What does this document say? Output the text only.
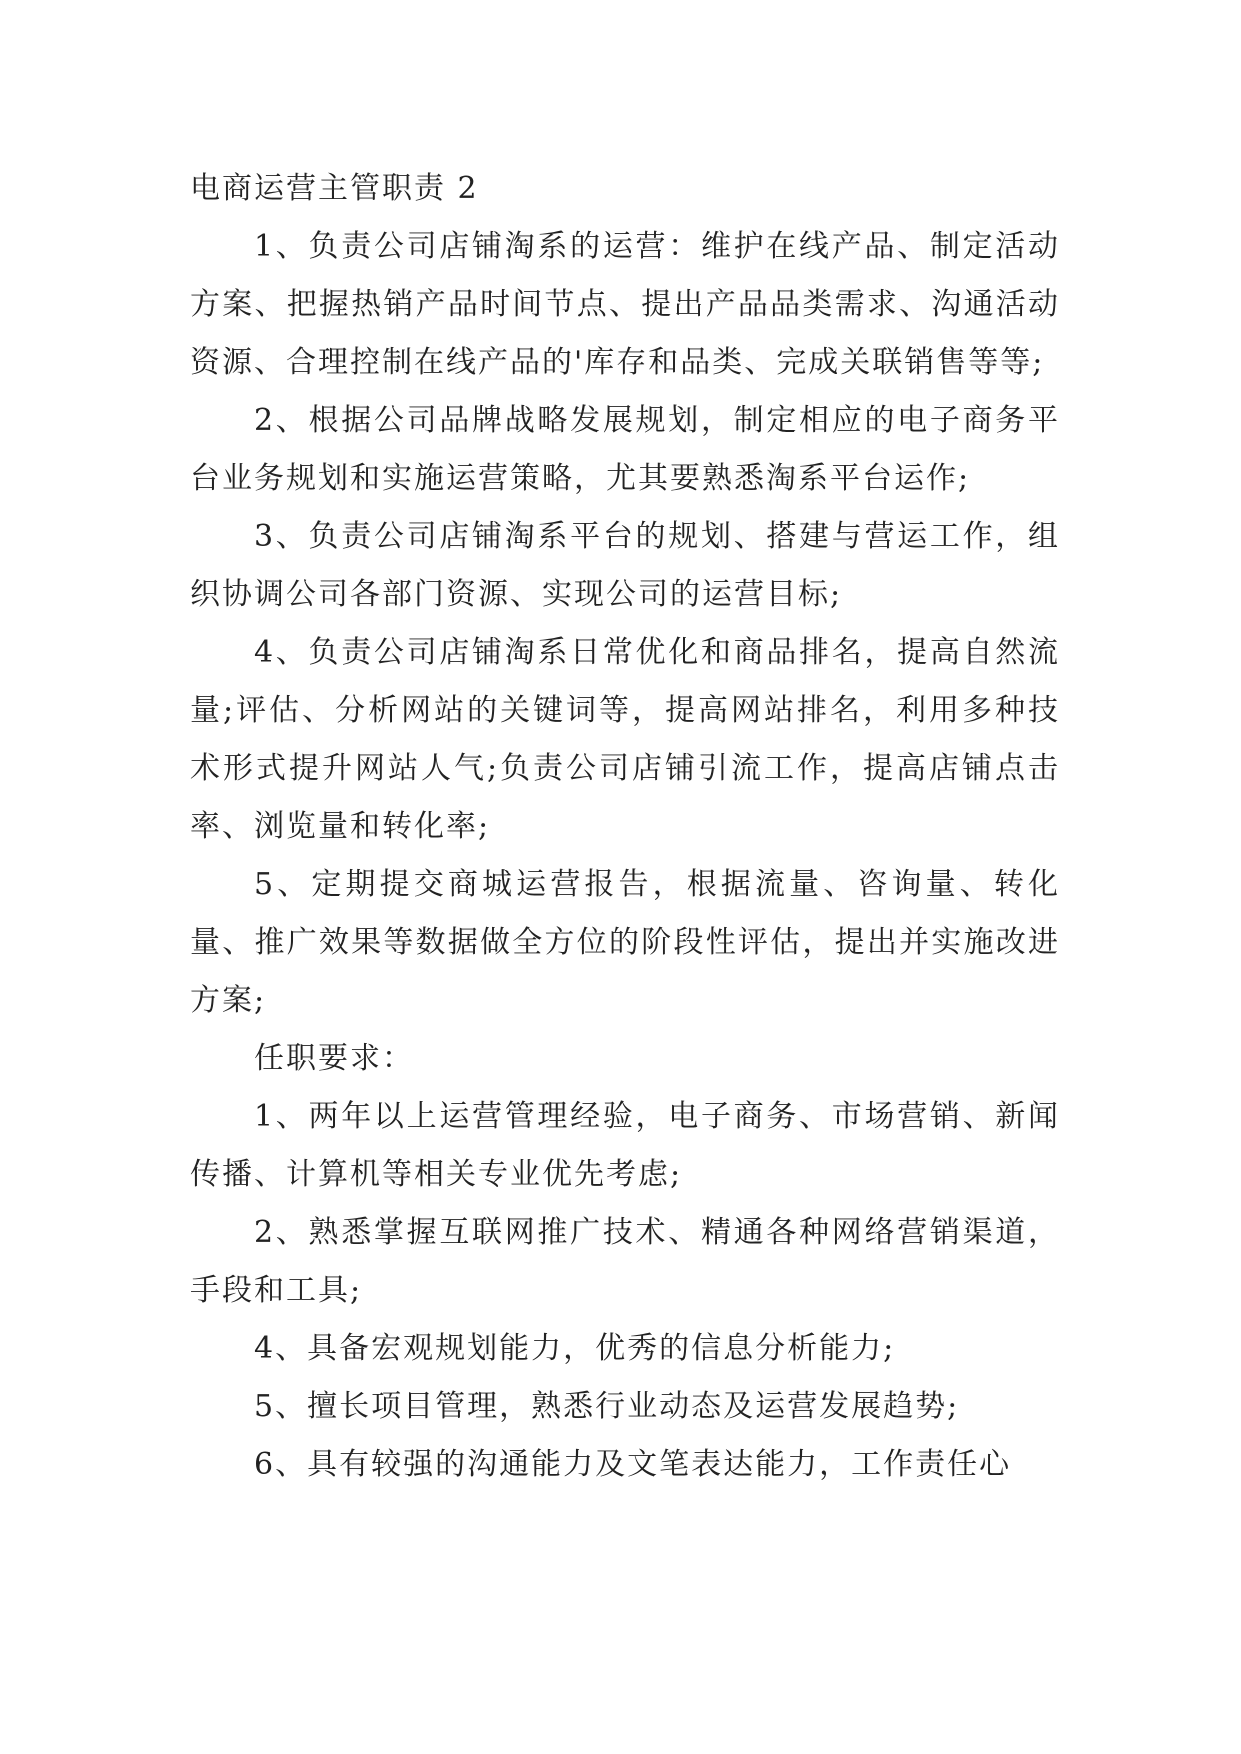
电商运营主管职责 2

1、负责公司店铺淘系的运营：维护在线产品、制定活动方案、把握热销产品时间节点、提出产品品类需求、沟通活动资源、合理控制在线产品的'库存和品类、完成关联销售等等;

2、根据公司品牌战略发展规划，制定相应的电子商务平台业务规划和实施运营策略，尤其要熟悉淘系平台运作;

3、负责公司店铺淘系平台的规划、搭建与营运工作，组织协调公司各部门资源、实现公司的运营目标;

4、负责公司店铺淘系日常优化和商品排名，提高自然流量;评估、分析网站的关键词等，提高网站排名，利用多种技术形式提升网站人气;负责公司店铺引流工作，提高店铺点击率、浏览量和转化率;

5、定期提交商城运营报告，根据流量、咨询量、转化量、推广效果等数据做全方位的阶段性评估，提出并实施改进方案;

任职要求：

1、两年以上运营管理经验，电子商务、市场营销、新闻传播、计算机等相关专业优先考虑;

2、熟悉掌握互联网推广技术、精通各种网络营销渠道，手段和工具;

4、具备宏观规划能力，优秀的信息分析能力;

5、擅长项目管理，熟悉行业动态及运营发展趋势;

6、具有较强的沟通能力及文笔表达能力，工作责任心
